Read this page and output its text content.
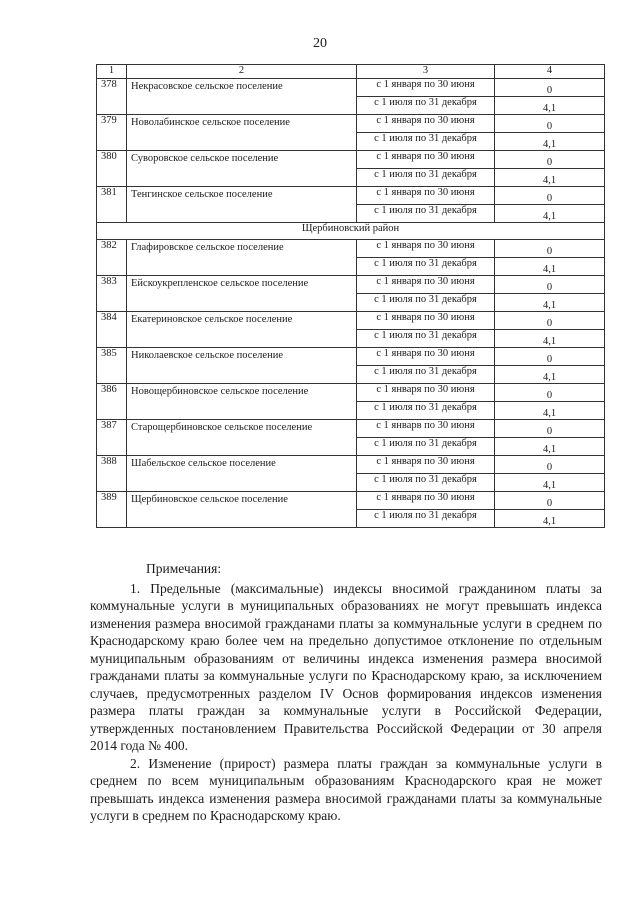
20
1	2	3	4
378	Некрасовское сельское поселение	с 1 января по 30 июня	0
		с 1 июля по 31 декабря	4,1
379	Новолабинское сельское поселение	с 1 января по 30 июня	0
		с 1 июля по 31 декабря	4,1
380	Суворовское сельское поселение	с 1 января по 30 июня	0
		с 1 июля по 31 декабря	4,1
381	Тенгинское сельское поселение	с 1 января по 30 июня	0
		с 1 июля по 31 декабря	4,1
Щербиновский район			
382	Глафировское сельское поселение	с 1 января по 30 июня	0
		с 1 июля по 31 декабря	4,1
383	Ейскоукрепленское сельское поселение	с 1 января по 30 июня	0
		с 1 июля по 31 декабря	4,1
384	Екатериновское сельское поселение	с 1 января по 30 июня	0
		с 1 июля по 31 декабря	4,1
385	Николаевское сельское поселение	с 1 января по 30 июня	0
		с 1 июля по 31 декабря	4,1
386	Новощербиновское сельское поселение	с 1 января по 30 июня	0
		с 1 июля по 31 декабря	4,1
387	Старощербиновское сельское поселение	с 1 январв по 30 июня	0
		с 1 июля по 31 декабря	4,1
388	Шабельское сельское поселение	с 1 января по 30 июня	0
		с 1 июля по 31 декабря	4,1
389	Щербиновское сельское поселение	с 1 января по 30 июня	0
		с 1 июля по 31 декабря	4,1
Примечания:

1. Предельные (максимальные) индексы вносимой гражданином платы за коммунальные услуги в муниципальных образованиях не могут превышать индекса изменения размера вносимой гражданами платы за коммунальные услуги в среднем по Краснодарскому краю более чем на предельно допустимое отклонение по отдельным муниципальным образованиям от величины индекса изменения размера вносимой гражданами платы за коммунальные услуги по Краснодарскому краю, за исключением случаев, предусмотренных разделом IV Основ формирования индексов изменения размера платы граждан за коммунальные услуги в Российской Федерации, утвержденных постановлением Правительства Российской Федерации от 30 апреля 2014 года № 400.

2. Изменение (прирост) размера платы граждан за коммунальные услуги в среднем по всем муниципальным образованиям Краснодарского края не может превышать индекса изменения размера вносимой гражданами платы за коммунальные услуги в среднем по Краснодарскому краю.
